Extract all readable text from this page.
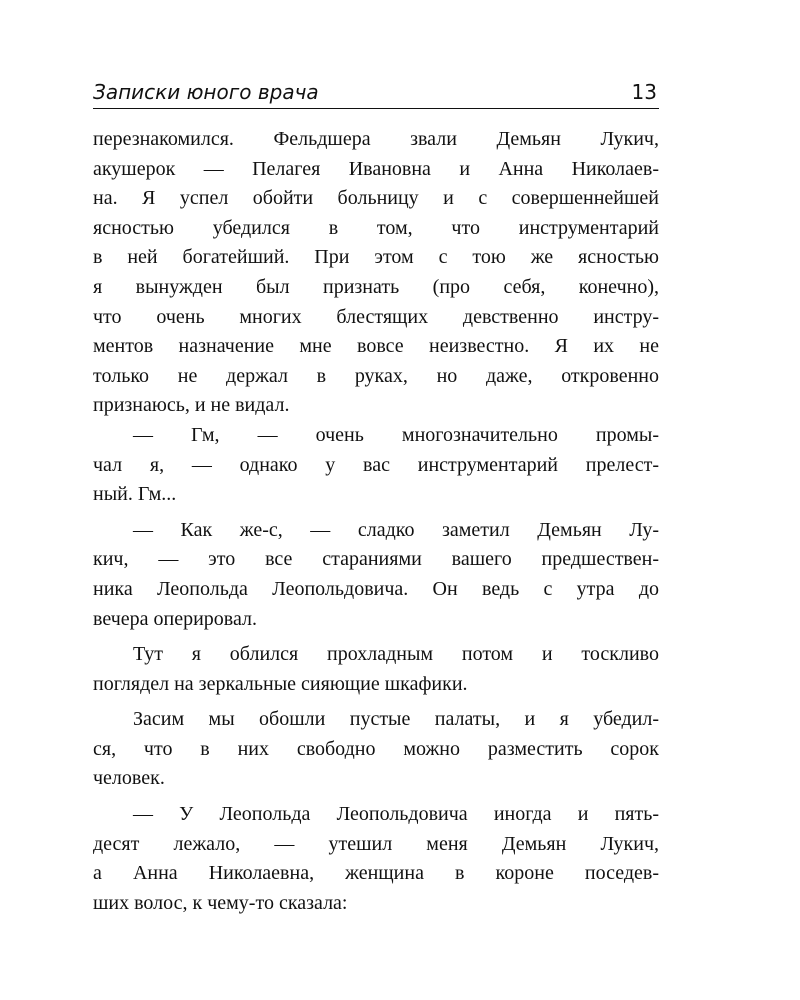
Записки юного врача	13
перезнакомился. Фельдшера звали Демьян Лукич,
акушерок — Пелагея Ивановна и Анна Николаев-
на. Я успел обойти больницу и с совершеннейшей
ясностью убедился в том, что инструментарий
в ней богатейший. При этом с тою же ясностью
я вынужден был признать (про себя, конечно),
что очень многих блестящих девственно инстру-
ментов назначение мне вовсе неизвестно. Я их не
только не держал в руках, но даже, откровенно
признаюсь, и не видал.
— Гм, — очень многозначительно промы-
чал я, — однако у вас инструментарий прелест-
ный. Гм...
— Как же-с, — сладко заметил Демьян Лу-
кич, — это все стараниями вашего предшествен-
ника Леопольда Леопольдовича. Он ведь с утра до
вечера оперировал.
Тут я облился прохладным потом и тоскливо
поглядел на зеркальные сияющие шкафики.
Засим мы обошли пустые палаты, и я убедил-
ся, что в них свободно можно разместить сорок
человек.
— У Леопольда Леопольдовича иногда и пять-
десят лежало, — утешил меня Демьян Лукич,
а Анна Николаевна, женщина в короне поседев-
ших волос, к чему-то сказала:
